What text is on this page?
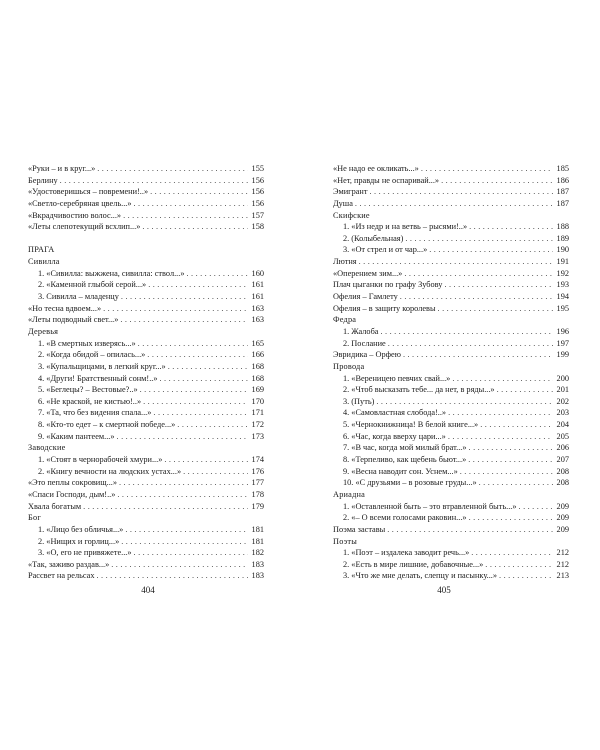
«Руки – и в круг...» . . .	155
Берлину . . .	156
«Удостоверишься – повремени!..» . . .	156
«Светло-серебряная цвель...» . . .	156
«Вкрадчивостию волос...» . . .	157
«Леты слепотекущий всхлип...» . . .	158
ПРАГА
Сивилла
1. «Сивилла: выжжена, сивилла: ствол...» . . .	160
2. «Каменной глыбой серой...» . . .	161
3. Сивилла – младенцу . . .	161
«Но тесна вдвоем...» . . .	163
«Леты подводный свет...» . . .	163
Деревья
1. «В смертных изверясь...» . . .	165
2. «Когда обидой – опилась...» . . .	166
3. «Купальщицами, в легкий круг...» . . .	168
4. «Други! Братственный сонм!..» . . .	168
5. «Беглецы? – Вестовые?..» . . .	169
6. «Не краской, не кистью!..» . . .	170
7. «Та, что без видения спала...» . . .	171
8. «Кто-то едет – к смертной победе...» . . .	172
9. «Каким пантеем...» . . .	173
Заводские
1. «Стоят в чернорабочей хмури...» . . .	174
2. «Книгу вечности на людских устах...» . . .	176
«Это пеплы сокровищ...» . . .	177
«Спаси Господи, дым!..» . . .	178
Хвала богатым . . .	179
Бог
1. «Лицо без обличья...» . . .	181
2. «Нищих и горлиц...» . . .	181
3. «О, его не привяжете...» . . .	182
«Так, заживо раздав...» . . .	183
Рассвет на рельсах . . .	183
«Не надо ее окликать...» . . .	185
«Нет, правды не оспаривай...» . . .	186
Эмигрант . . .	187
Душа . . .	187
Скифские
1. «Из недр и на ветвь – рысями!..» . . .	188
2. (Колыбельная) . . .	189
3. «От стрел и от чар...» . . .	190
Лютня . . .	191
«Оперением зим...» . . .	192
Плач цыганки по графу Зубову . . .	193
Офелия – Гамлету . . .	194
Офелия – в защиту королевы . . .	195
Федра
1. Жалоба . . .	196
2. Послание . . .	197
Эвридика – Орфею . . .	199
Провода
1. «Вереницею певчих свай...» . . .	200
2. «Чтоб высказать тебе... да нет, в ряды...» . . .	201
3. (Путь) . . .	202
4. «Самовластная слобода!..» . . .	203
5. «Чернокнижница! В белой книге...» . . .	204
6. «Час, когда вверху цари...» . . .	205
7. «В час, когда мой милый брат...» . . .	206
8. «Терпеливо, как щебень бьют...» . . .	207
9. «Весна наводит сон. Уснем...» . . .	208
10. «С друзьями – в розовые груды...» . . .	208
Ариадна
1. «Оставленной быть – это втравленной быть...» . . .	209
2. «– О всеми голосами раковин...» . . .	209
Поэма заставы . . .	209
Поэты
1. «Поэт – издалека заводит речь...» . . .	212
2. «Есть в мире лишние, добавочные...» . . .	212
3. «Что же мне делать, слепцу и пасынку...» . . .	213
404	405
